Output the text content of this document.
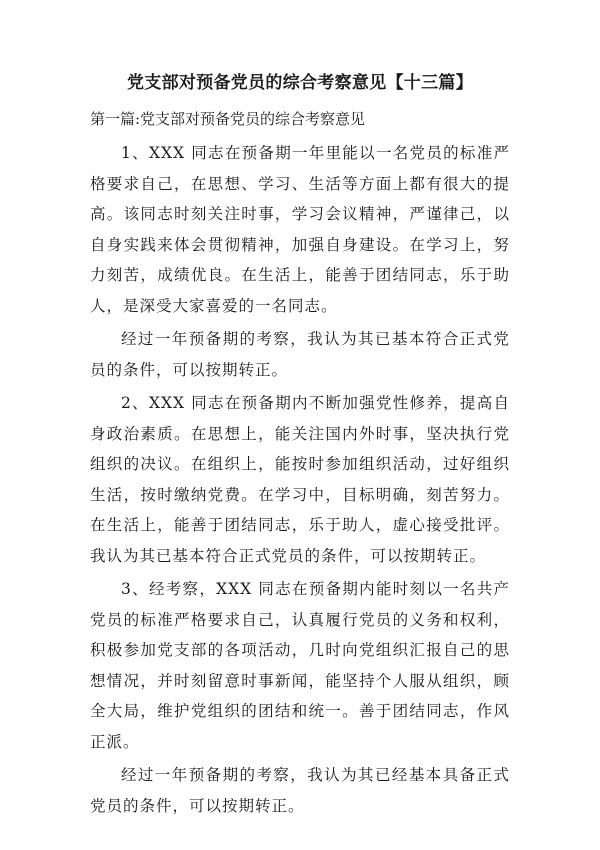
党支部对预备党员的综合考察意见【十三篇】
第一篇:党支部对预备党员的综合考察意见

1、XXX 同志在预备期一年里能以一名党员的标准严格要求自己，在思想、学习、生活等方面上都有很大的提高。该同志时刻关注时事，学习会议精神，严谨律己，以自身实践来体会贯彻精神，加强自身建设。在学习上，努力刻苦，成绩优良。在生活上，能善于团结同志，乐于助人，是深受大家喜爱的一名同志。

经过一年预备期的考察，我认为其已基本符合正式党员的条件，可以按期转正。

2、XXX 同志在预备期内不断加强党性修养，提高自身政治素质。在思想上，能关注国内外时事，坚决执行党组织的决议。在组织上，能按时参加组织活动，过好组织生活，按时缴纳党费。在学习中，目标明确，刻苦努力。在生活上，能善于团结同志，乐于助人，虚心接受批评。我认为其已基本符合正式党员的条件，可以按期转正。

3、经考察，XXX 同志在预备期内能时刻以一名共产党员的标准严格要求自己，认真履行党员的义务和权利，积极参加党支部的各项活动，几时向党组织汇报自己的思想情况，并时刻留意时事新闻，能坚持个人服从组织，顾全大局，维护党组织的团结和统一。善于团结同志，作风正派。

经过一年预备期的考察，我认为其已经基本具备正式党员的条件，可以按期转正。
